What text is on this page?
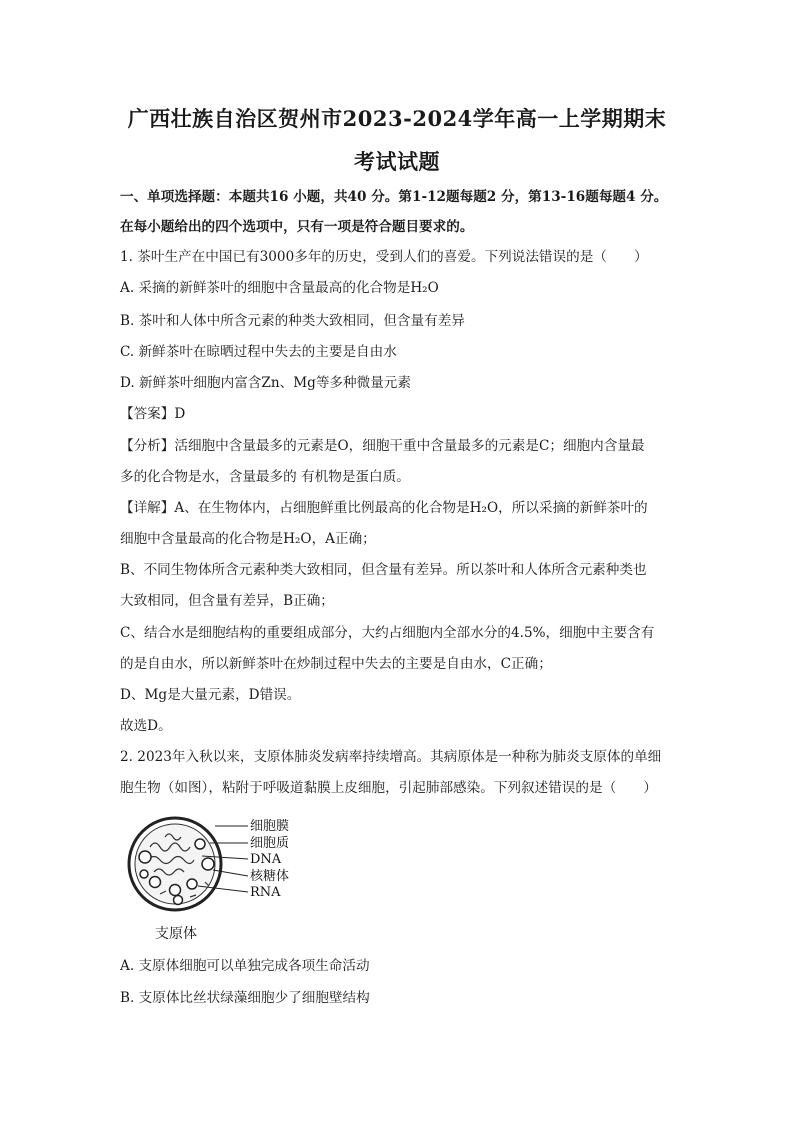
广西壮族自治区贺州市2023-2024学年高一上学期期末
考试试题
一、单项选择题：本题共16 小题，共40 分。第1-12题每题2 分，第13-16题每题4 分。
在每小题给出的四个选项中，只有一项是符合题目要求的。
1. 茶叶生产在中国已有3000多年的历史，受到人们的喜爱。下列说法错误的是（　　）
A. 采摘的新鲜茶叶的细胞中含量最高的化合物是H₂O
B. 茶叶和人体中所含元素的种类大致相同，但含量有差异
C. 新鲜茶叶在晾晒过程中失去的主要是自由水
D. 新鲜茶叶细胞内富含Zn、Mg等多种微量元素
【答案】D
【分析】活细胞中含量最多的元素是O，细胞干重中含量最多的元素是C；细胞内含量最
多的化合物是水，含量最多的 有机物是蛋白质。
【详解】A、在生物体内，占细胞鲜重比例最高的化合物是H₂O，所以采摘的新鲜茶叶的
细胞中含量最高的化合物是H₂O，A正确；
B、不同生物体所含元素种类大致相同，但含量有差异。所以茶叶和人体所含元素种类也
大致相同，但含量有差异，B正确；
C、结合水是细胞结构的重要组成部分，大约占细胞内全部水分的4.5%，细胞中主要含有
的是自由水，所以新鲜茶叶在炒制过程中失去的主要是自由水，C正确；
D、Mg是大量元素，D错误。
故选D。
2. 2023年入秋以来，支原体肺炎发病率持续增高。其病原体是一种称为肺炎支原体的单细
胞生物（如图），粘附于呼吸道黏膜上皮细胞，引起肺部感染。下列叙述错误的是（　　）
细胞膜
细胞质
DNA
核糖体
RNA
支原体
A. 支原体细胞可以单独完成各项生命活动
B. 支原体比丝状绿藻细胞少了细胞壁结构
